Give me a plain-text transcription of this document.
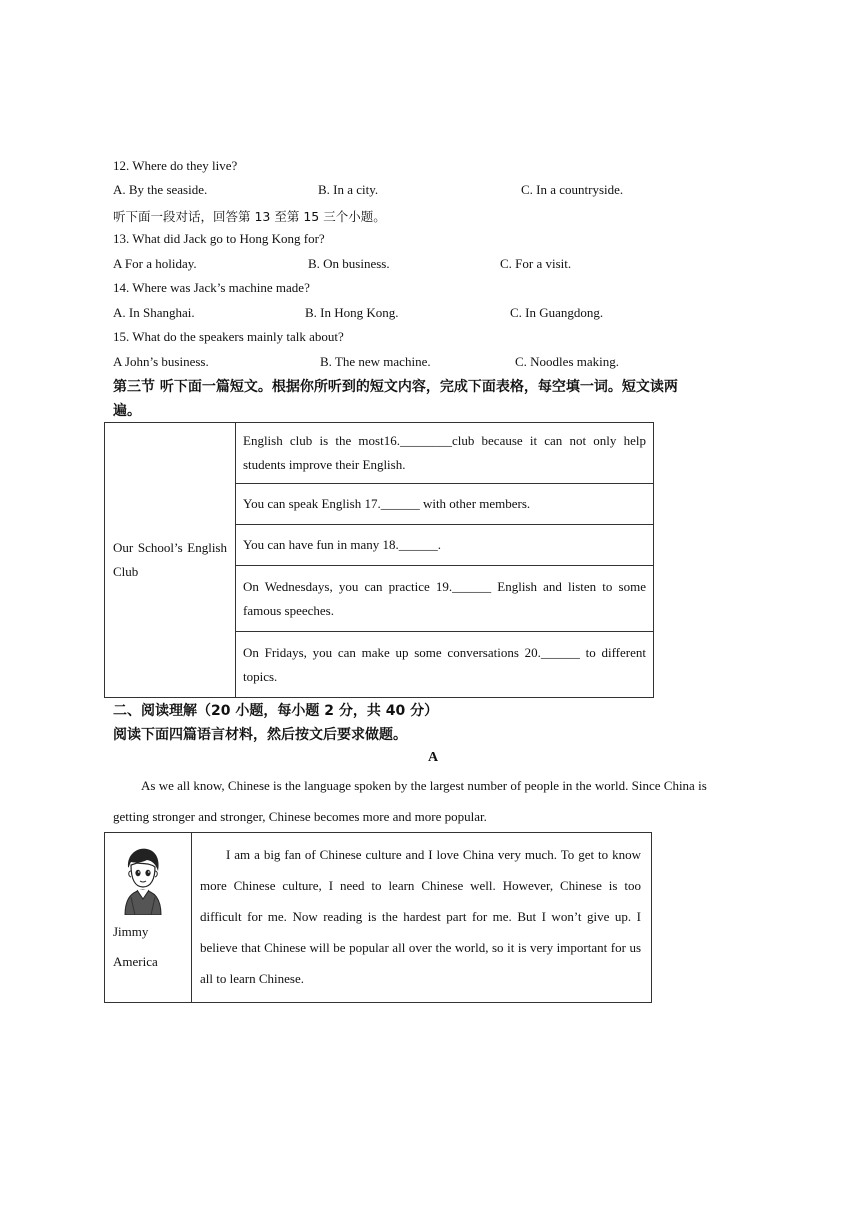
12. Where do they live?
A. By the seaside.	B. In a city.	C. In a countryside.
听下面一段对话，回答第 13 至第 15 三个小题。
13. What did Jack go to Hong Kong for?
A For a holiday.	B. On business.	C. For a visit.
14. Where was Jack’s machine made?
A. In Shanghai.	B. In Hong Kong.	C. In Guangdong.
15. What do the speakers mainly talk about?
A John’s business.	B. The new machine.	C. Noodles making.
第三节 听下面一篇短文。根据你所听到的短文内容，完成下面表格，每空填一词。短文读两
遍。
Our School’s English Club	English club is the most16.________club because it can not only help students improve their English.
You can speak English 17.______ with other members.
You can have fun in many 18.______.
On Wednesdays, you can practice 19.______ English and listen to some famous speeches.
On Fridays, you can make up some conversations 20.______ to different topics.
二、阅读理解（20 小题，每小题 2 分，共 40 分）
阅读下面四篇语言材料，然后按文后要求做题。
A
As we all know, Chinese is the language spoken by the largest number of people in the world. Since China is
getting stronger and stronger, Chinese becomes more and more popular.
Jimmy
America

I am a big fan of Chinese culture and I love China very much. To get to know more Chinese culture, I need to learn Chinese well. However, Chinese is too difficult for me. Now reading is the hardest part for me. But I won’t give up. I believe that Chinese will be popular all over the world, so it is very important for us all to learn Chinese.
